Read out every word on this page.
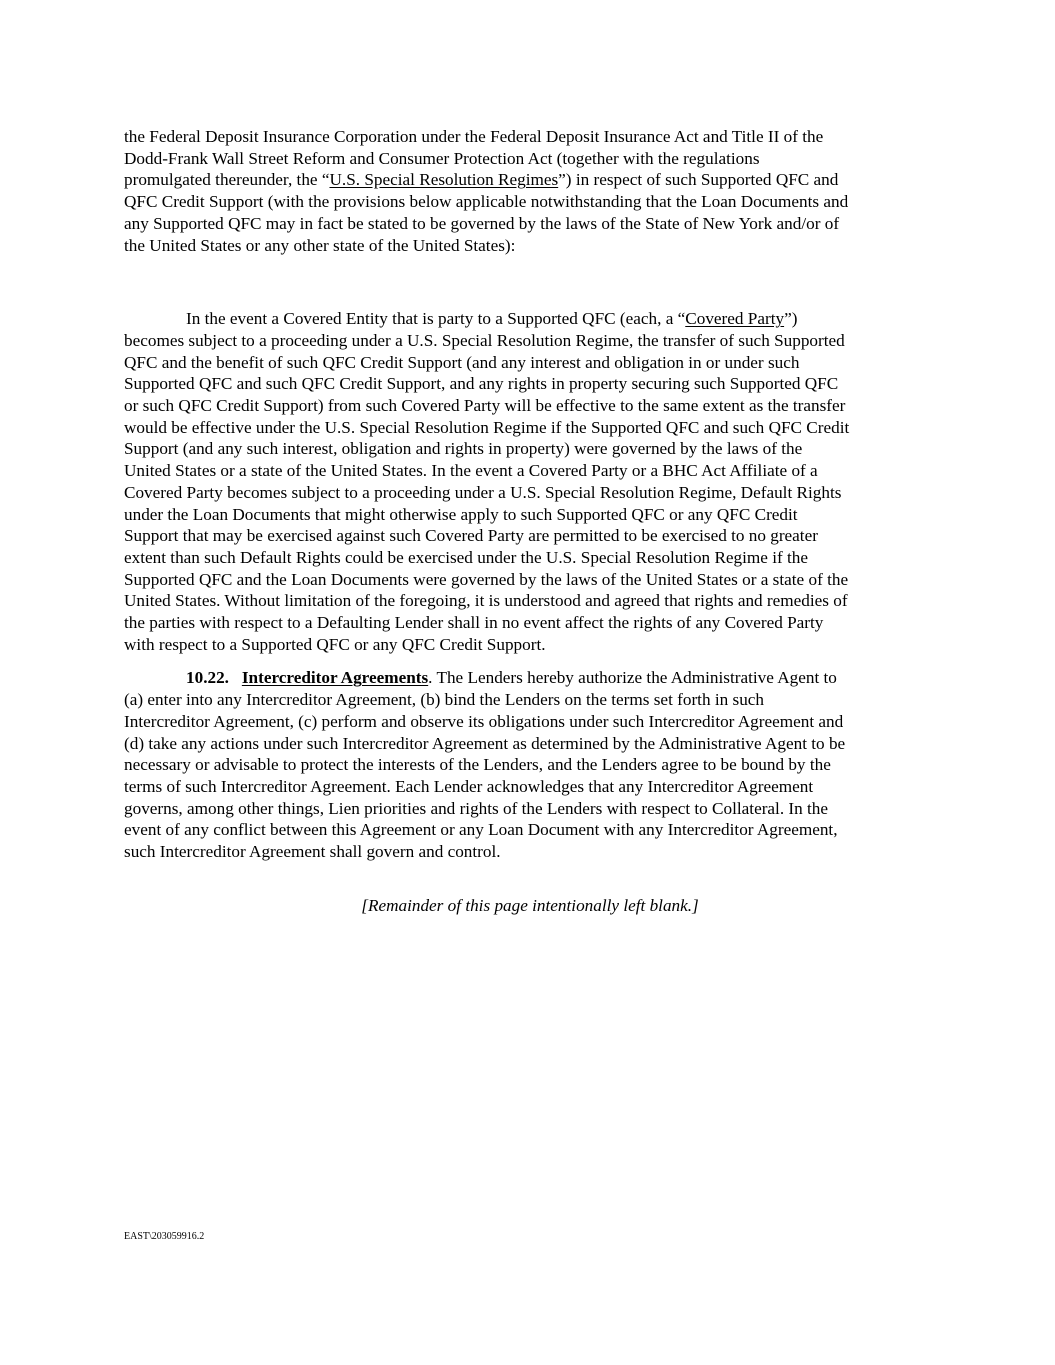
the Federal Deposit Insurance Corporation under the Federal Deposit Insurance Act and Title II of the
Dodd-Frank Wall Street Reform and Consumer Protection Act (together with the regulations
promulgated thereunder, the “U.S. Special Resolution Regimes”) in respect of such Supported QFC and
QFC Credit Support (with the provisions below applicable notwithstanding that the Loan Documents and
any Supported QFC may in fact be stated to be governed by the laws of the State of New York and/or of
the United States or any other state of the United States):
In the event a Covered Entity that is party to a Supported QFC (each, a “Covered Party”)
becomes subject to a proceeding under a U.S. Special Resolution Regime, the transfer of such Supported
QFC and the benefit of such QFC Credit Support (and any interest and obligation in or under such
Supported QFC and such QFC Credit Support, and any rights in property securing such Supported QFC
or such QFC Credit Support) from such Covered Party will be effective to the same extent as the transfer
would be effective under the U.S. Special Resolution Regime if the Supported QFC and such QFC Credit
Support (and any such interest, obligation and rights in property) were governed by the laws of the
United States or a state of the United States. In the event a Covered Party or a BHC Act Affiliate of a
Covered Party becomes subject to a proceeding under a U.S. Special Resolution Regime, Default Rights
under the Loan Documents that might otherwise apply to such Supported QFC or any QFC Credit
Support that may be exercised against such Covered Party are permitted to be exercised to no greater
extent than such Default Rights could be exercised under the U.S. Special Resolution Regime if the
Supported QFC and the Loan Documents were governed by the laws of the United States or a state of the
United States. Without limitation of the foregoing, it is understood and agreed that rights and remedies of
the parties with respect to a Defaulting Lender shall in no event affect the rights of any Covered Party
with respect to a Supported QFC or any QFC Credit Support.
10.22. Intercreditor Agreements. The Lenders hereby authorize the Administrative Agent to
(a) enter into any Intercreditor Agreement, (b) bind the Lenders on the terms set forth in such
Intercreditor Agreement, (c) perform and observe its obligations under such Intercreditor Agreement and
(d) take any actions under such Intercreditor Agreement as determined by the Administrative Agent to be
necessary or advisable to protect the interests of the Lenders, and the Lenders agree to be bound by the
terms of such Intercreditor Agreement. Each Lender acknowledges that any Intercreditor Agreement
governs, among other things, Lien priorities and rights of the Lenders with respect to Collateral. In the
event of any conflict between this Agreement or any Loan Document with any Intercreditor Agreement,
such Intercreditor Agreement shall govern and control.
[Remainder of this page intentionally left blank.]
EAST\203059916.2
